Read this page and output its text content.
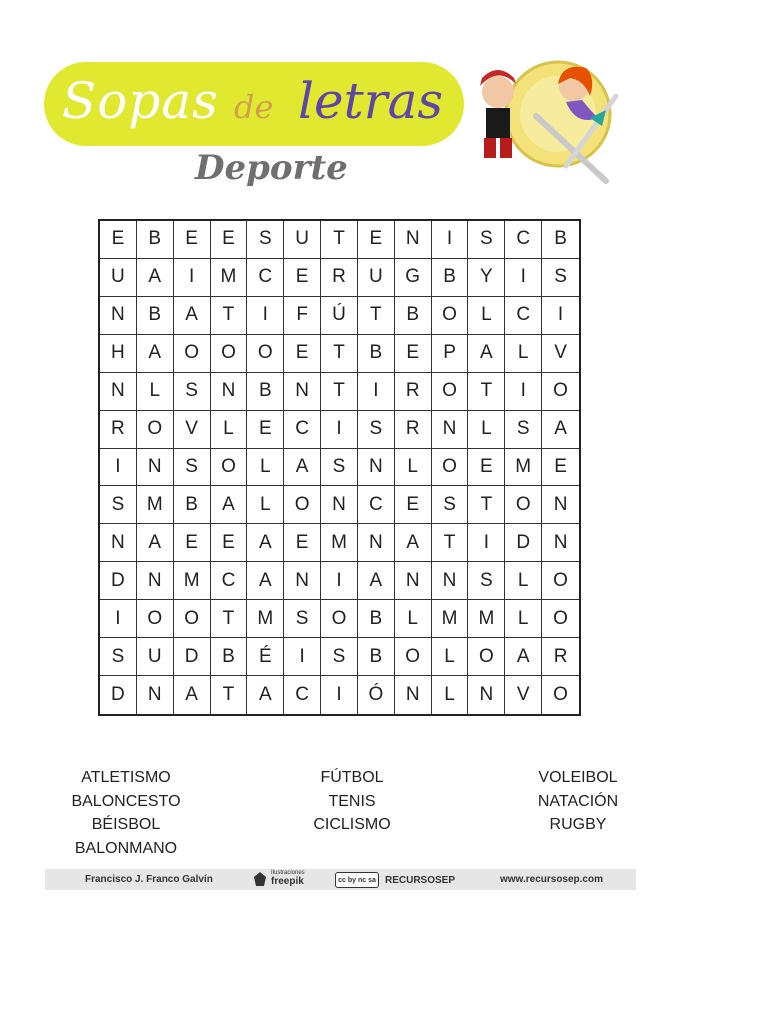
Sopas de letras
Deporte
E	B	E	E	S	U	T	E	N	I	S	C	B
U	A	I	M	C	E	R	U	G	B	Y	I	S
N	B	A	T	I	F	Ú	T	B	O	L	C	I
H	A	O	O	O	E	T	B	E	P	A	L	V
N	L	S	N	B	N	T	I	R	O	T	I	O
R	O	V	L	E	C	I	S	R	N	L	S	A
I	N	S	O	L	A	S	N	L	O	E	M	E
S	M	B	A	L	O	N	C	E	S	T	O	N
N	A	E	E	A	E	M	N	A	T	I	D	N
D	N	M	C	A	N	I	A	N	N	S	L	O
I	O	O	T	M	S	O	B	L	M	M	L	O
S	U	D	B	É	I	S	B	O	L	O	A	R
D	N	A	T	A	C	I	Ó	N	L	N	V	O
ATLETISMO
BALONCESTO
BÉISBOL
BALONMANO
FÚTBOL
TENIS
CICLISMO
VOLEIBOL
NATACIÓN
RUGBY
Francisco J. Franco Galvín
Ilustraciones
freepik	cc by nc sa RECURSOSEP	www.recursosep.com
